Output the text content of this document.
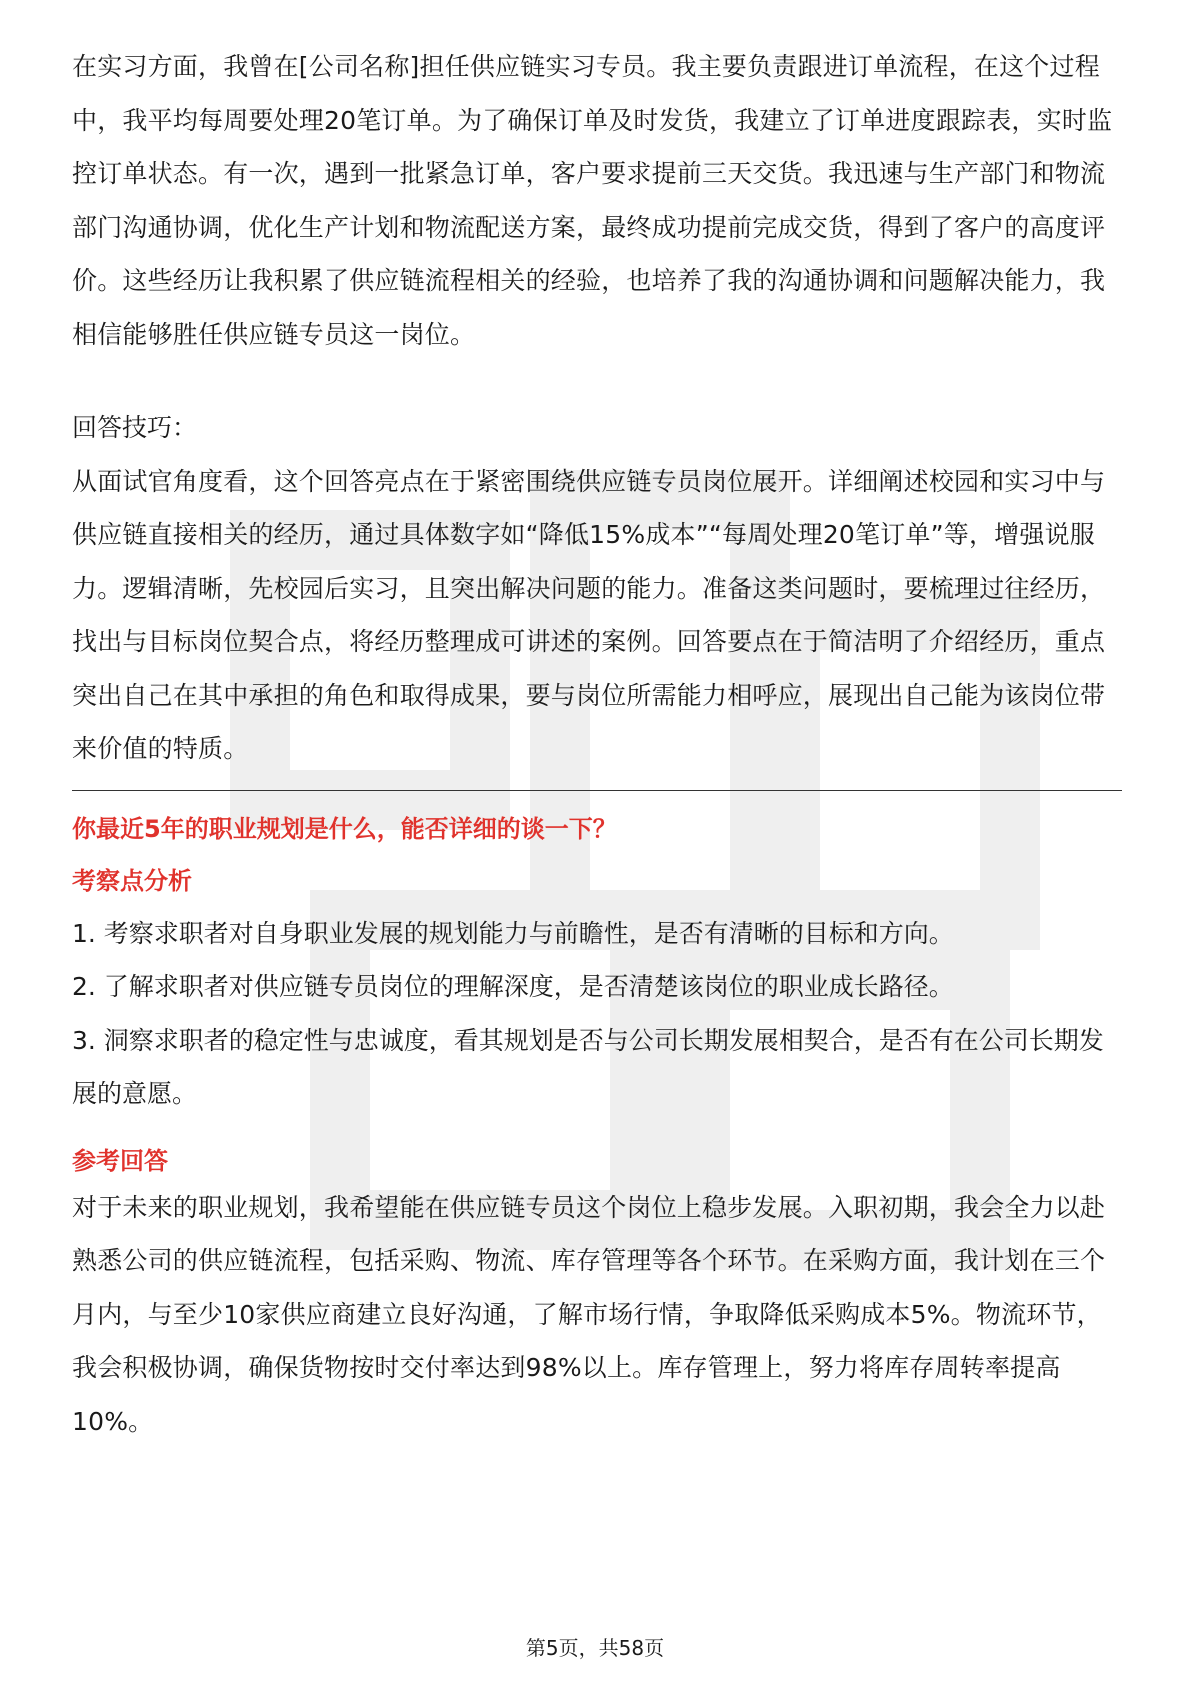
在实习方面，我曾在[公司名称]担任供应链实习专员。我主要负责跟进订单流程，在这个过程中，我平均每周要处理20笔订单。为了确保订单及时发货，我建立了订单进度跟踪表，实时监控订单状态。有一次，遇到一批紧急订单，客户要求提前三天交货。我迅速与生产部门和物流部门沟通协调，优化生产计划和物流配送方案，最终成功提前完成交货，得到了客户的高度评价。这些经历让我积累了供应链流程相关的经验，也培养了我的沟通协调和问题解决能力，我相信能够胜任供应链专员这一岗位。

回答技巧：

从面试官角度看，这个回答亮点在于紧密围绕供应链专员岗位展开。详细阐述校园和实习中与供应链直接相关的经历，通过具体数字如“降低15%成本”“每周处理20笔订单”等，增强说服力。逻辑清晰，先校园后实习，且突出解决问题的能力。准备这类问题时，要梳理过往经历，找出与目标岗位契合点，将经历整理成可讲述的案例。回答要点在于简洁明了介绍经历，重点突出自己在其中承担的角色和取得成果，要与岗位所需能力相呼应，展现出自己能为该岗位带来价值的特质。

你最近5年的职业规划是什么，能否详细的谈一下？

考察点分析

1. 考察求职者对自身职业发展的规划能力与前瞻性，是否有清晰的目标和方向。

2. 了解求职者对供应链专员岗位的理解深度，是否清楚该岗位的职业成长路径。

3. 洞察求职者的稳定性与忠诚度，看其规划是否与公司长期发展相契合，是否有在公司长期发展的意愿。

参考回答

对于未来的职业规划，我希望能在供应链专员这个岗位上稳步发展。入职初期，我会全力以赴熟悉公司的供应链流程，包括采购、物流、库存管理等各个环节。在采购方面，我计划在三个月内，与至少10家供应商建立良好沟通，了解市场行情，争取降低采购成本5%。物流环节，我会积极协调，确保货物按时交付率达到98%以上。库存管理上，努力将库存周转率提高10%。

第5页，共58页
